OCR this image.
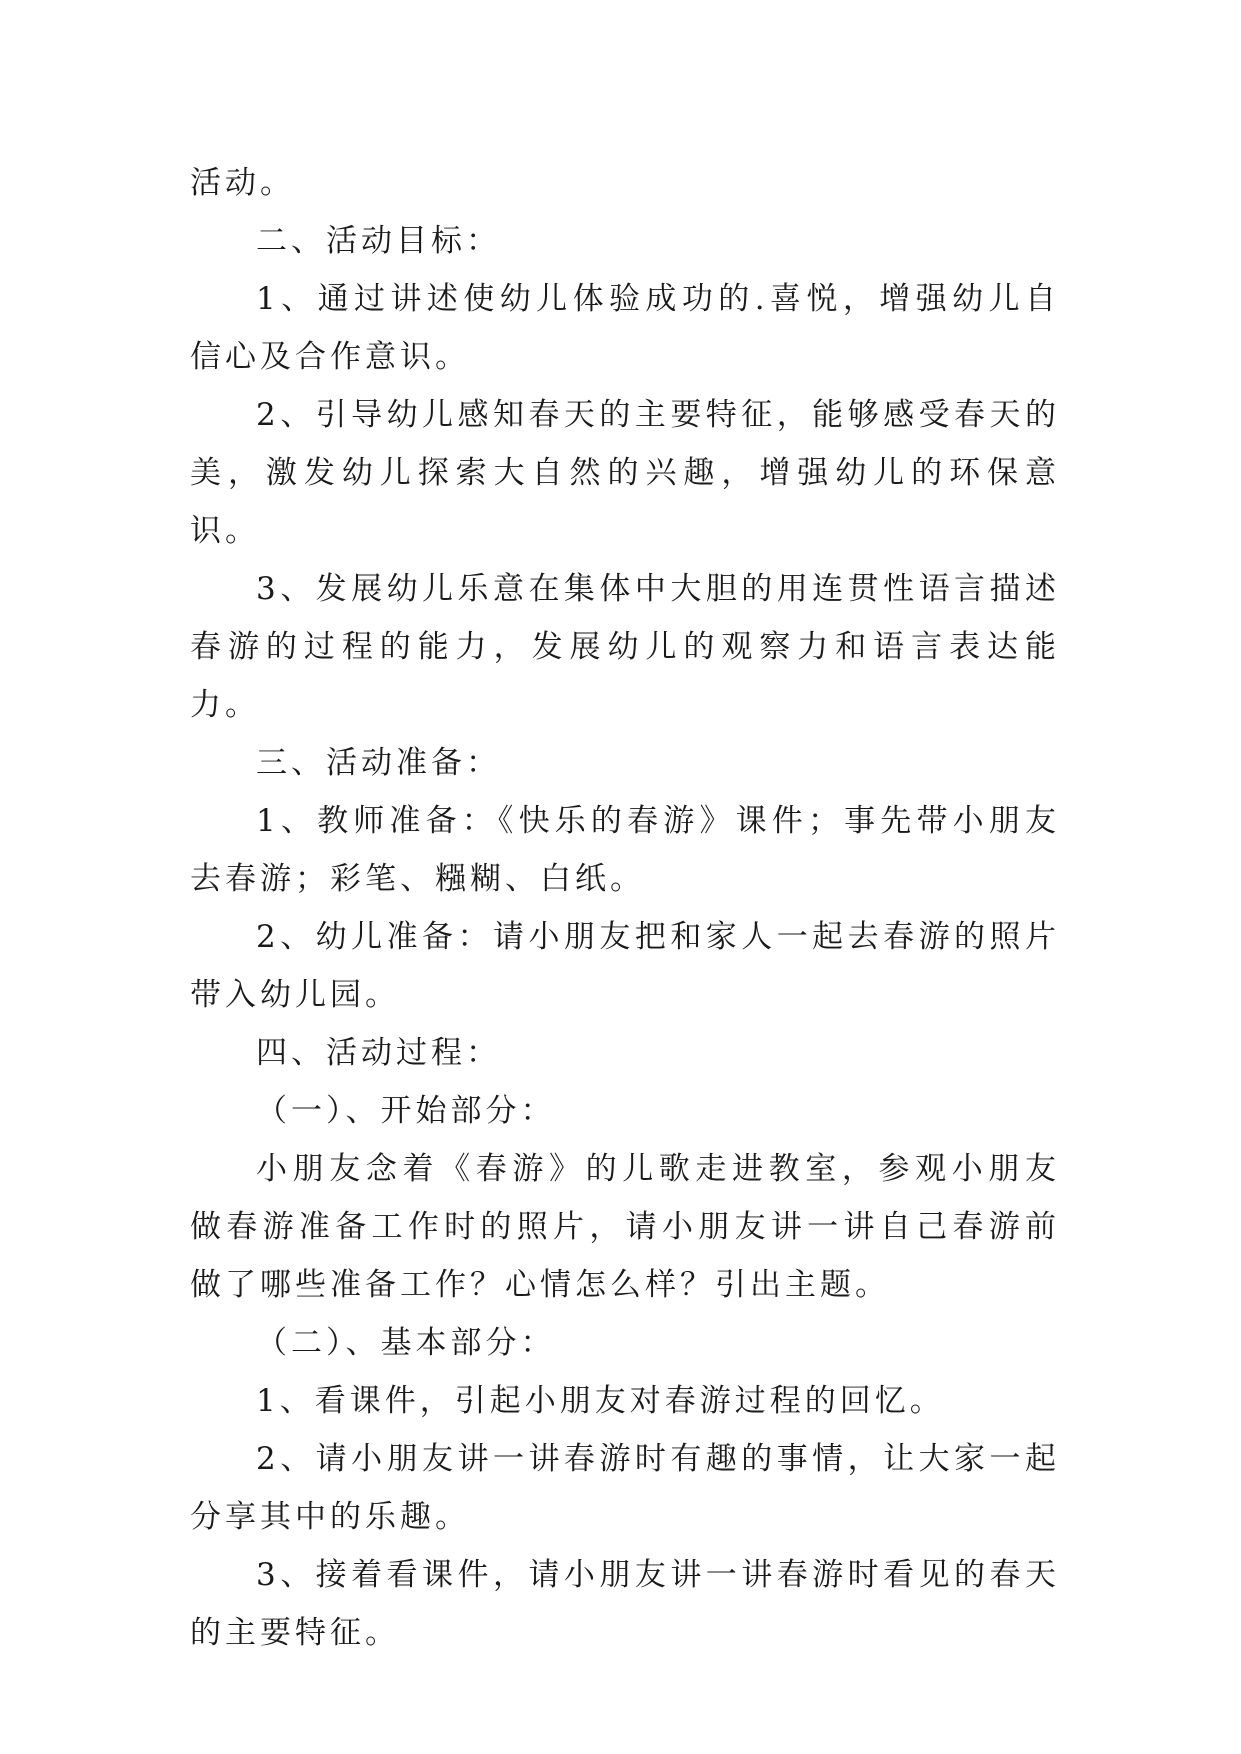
活动。

二、活动目标：

1、通过讲述使幼儿体验成功的.喜悦，增强幼儿自信心及合作意识。

2、引导幼儿感知春天的主要特征，能够感受春天的美，激发幼儿探索大自然的兴趣，增强幼儿的环保意识。

3、发展幼儿乐意在集体中大胆的用连贯性语言描述春游的过程的能力，发展幼儿的观察力和语言表达能力。

三、活动准备：

1、教师准备：《快乐的春游》课件；事先带小朋友去春游；彩笔、糨糊、白纸。

2、幼儿准备：请小朋友把和家人一起去春游的照片带入幼儿园。

四、活动过程：

（一）、开始部分：

小朋友念着《春游》的儿歌走进教室，参观小朋友做春游准备工作时的照片，请小朋友讲一讲自己春游前做了哪些准备工作？心情怎么样？引出主题。

（二）、基本部分：

1、看课件，引起小朋友对春游过程的回忆。

2、请小朋友讲一讲春游时有趣的事情，让大家一起分享其中的乐趣。

3、接着看课件，请小朋友讲一讲春游时看见的春天的主要特征。
